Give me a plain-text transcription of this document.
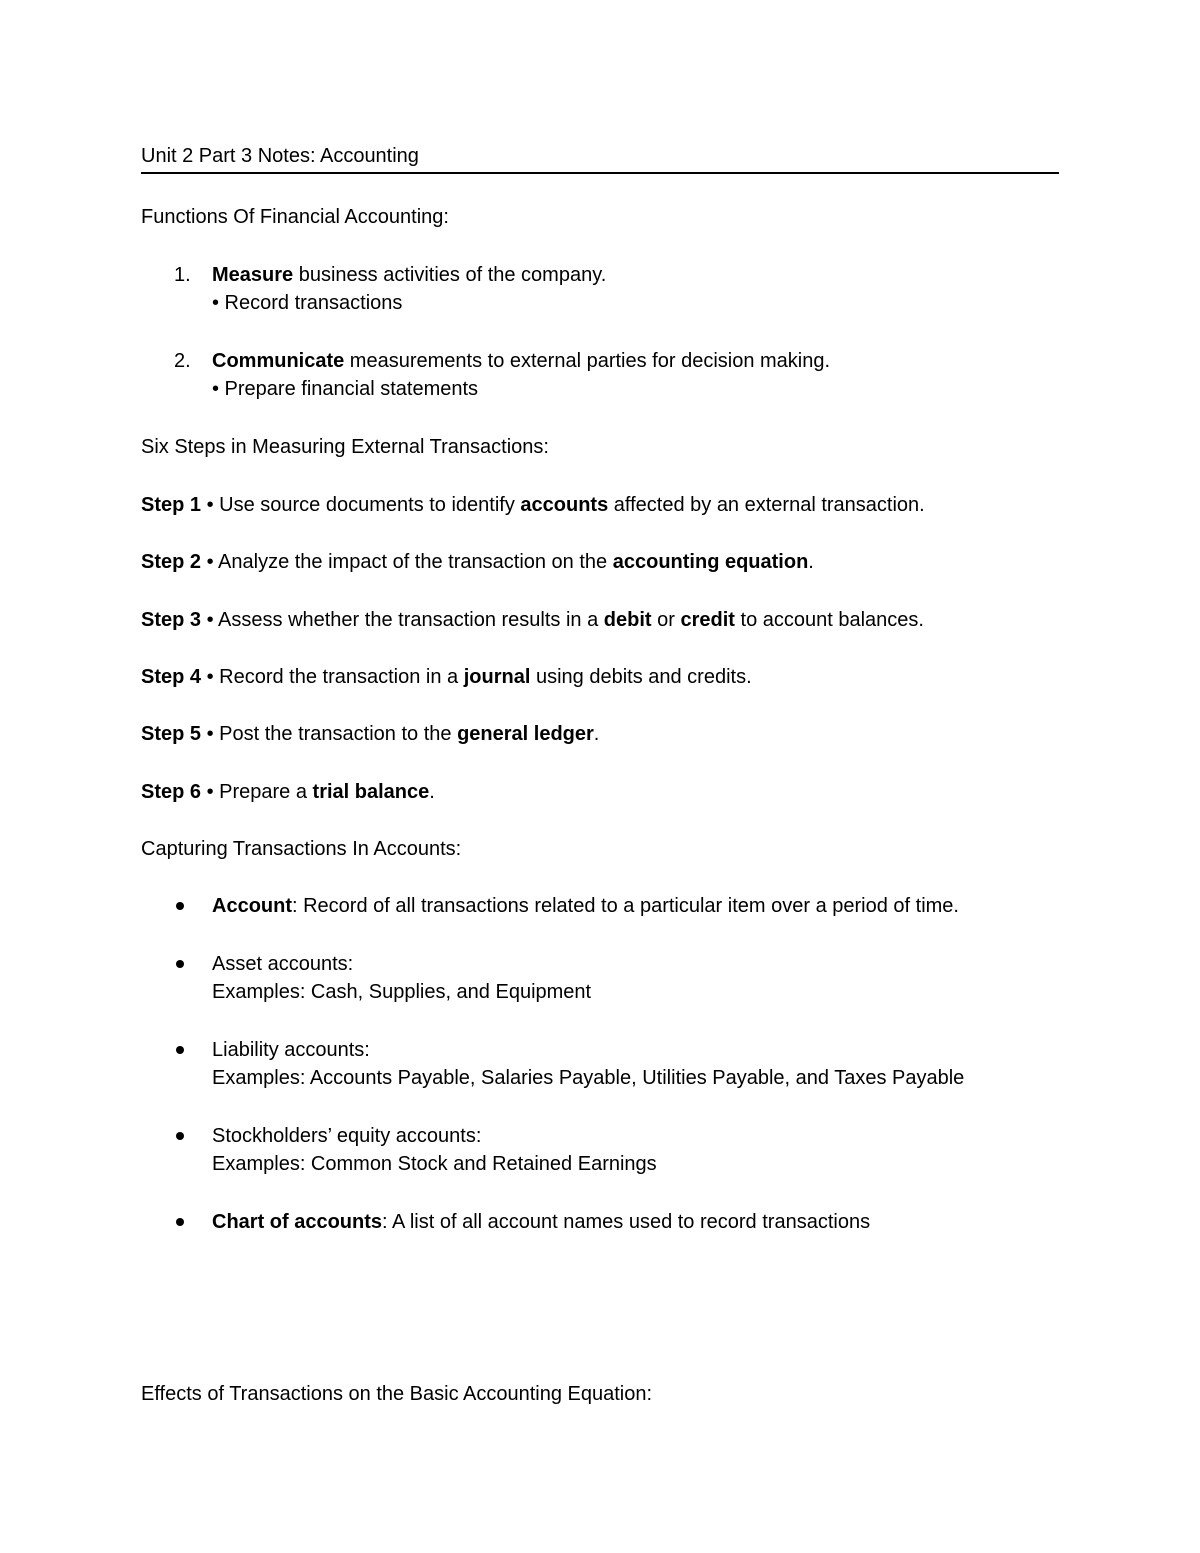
Unit 2 Part 3 Notes: Accounting
Functions Of Financial Accounting:
1. Measure business activities of the company.
• Record transactions
2. Communicate measurements to external parties for decision making.
• Prepare financial statements
Six Steps in Measuring External Transactions:
Step 1 • Use source documents to identify accounts affected by an external transaction.
Step 2 • Analyze the impact of the transaction on the accounting equation.
Step 3 • Assess whether the transaction results in a debit or credit to account balances.
Step 4 • Record the transaction in a journal using debits and credits.
Step 5 • Post the transaction to the general ledger.
Step 6 • Prepare a trial balance.
Capturing Transactions In Accounts:
Account: Record of all transactions related to a particular item over a period of time.
Asset accounts:
Examples: Cash, Supplies, and Equipment
Liability accounts:
Examples: Accounts Payable, Salaries Payable, Utilities Payable, and Taxes Payable
Stockholders’ equity accounts:
Examples: Common Stock and Retained Earnings
Chart of accounts: A list of all account names used to record transactions
Effects of Transactions on the Basic Accounting Equation:
